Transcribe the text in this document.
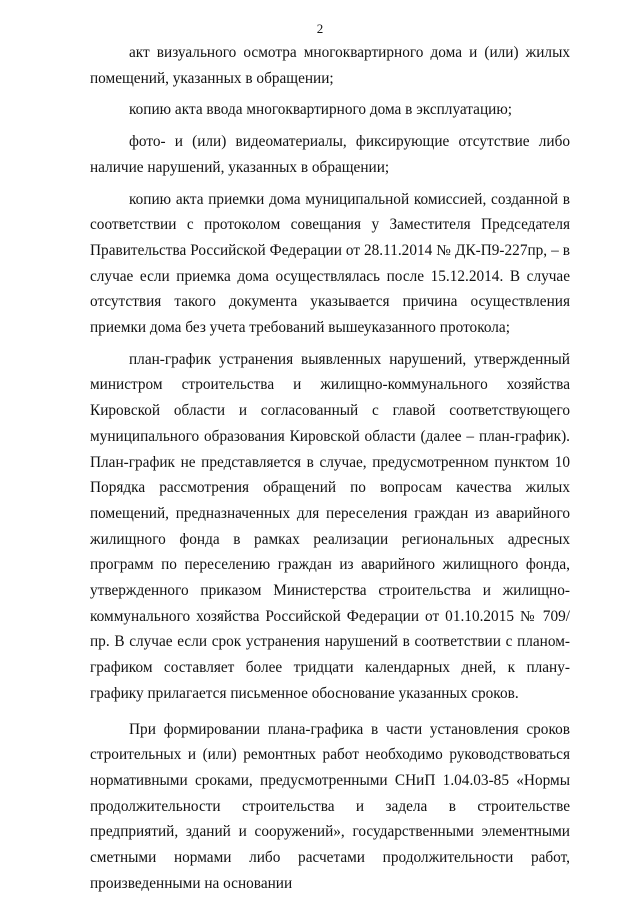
2

акт визуального осмотра многоквартирного дома и (или) жилых помещений, указанных в обращении;

копию акта ввода многоквартирного дома в эксплуатацию;

фото- и (или) видеоматериалы, фиксирующие отсутствие либо наличие нарушений, указанных в обращении;

копию акта приемки дома муниципальной комиссией, созданной в соответствии с протоколом совещания у Заместителя Председателя Правительства Российской Федерации от 28.11.2014 № ДК-П9-227пр, – в случае если приемка дома осуществлялась после 15.12.2014. В случае отсутствия такого документа указывается причина осуществления приемки дома без учета требований вышеуказанного протокола;

план-график устранения выявленных нарушений, утвержденный министром строительства и жилищно-коммунального хозяйства Кировской области и согласованный с главой соответствующего муниципального образования Кировской области (далее – план-график). План-график не представляется в случае, предусмотренном пунктом 10 Порядка рассмотрения обращений по вопросам качества жилых помещений, предназначенных для переселения граждан из аварийного жилищного фонда в рамках реализации региональных адресных программ по переселению граждан из аварийного жилищного фонда, утвержденного приказом Министерства строительства и жилищно-коммунального хозяйства Российской Федерации от 01.10.2015 № 709/пр. В случае если срок устранения нарушений в соответствии с планом-графиком составляет более тридцати календарных дней, к плану-графику прилагается письменное обоснование указанных сроков.

При формировании плана-графика в части установления сроков строительных и (или) ремонтных работ необходимо руководствоваться нормативными сроками, предусмотренными СНиП 1.04.03-85 «Нормы продолжительности строительства и задела в строительстве предприятий, зданий и сооружений», государственными элементными сметными нормами либо расчетами продолжительности работ, произведенными на основании
